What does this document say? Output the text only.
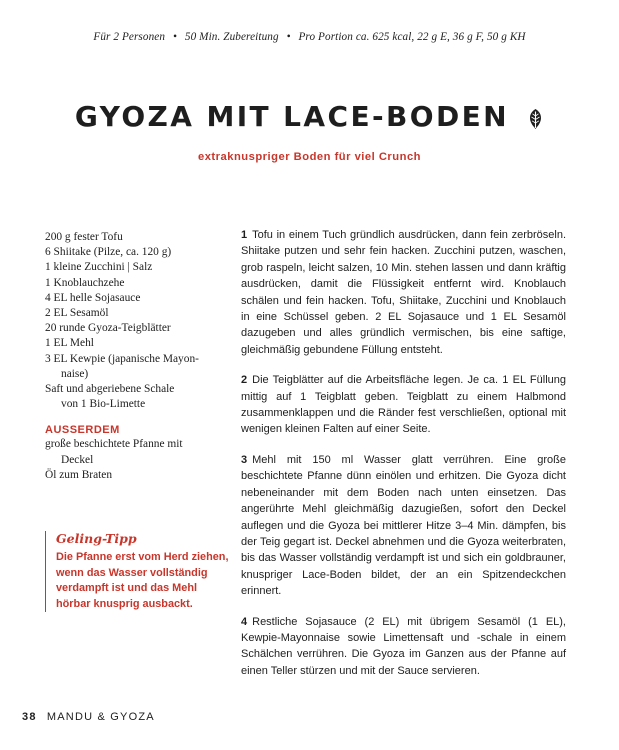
Für 2 Personen • 50 Min. Zubereitung • Pro Portion ca. 625 kcal, 22 g E, 36 g F, 50 g KH
GYOZA MIT LACE-BODEN
extraknuspriger Boden für viel Crunch
200 g fester Tofu
6 Shiitake (Pilze, ca. 120 g)
1 kleine Zucchini | Salz
1 Knoblauchzehe
4 EL helle Sojasauce
2 EL Sesamöl
20 runde Gyoza-Teigblätter
1 EL Mehl
3 EL Kewpie (japanische Mayon-
naise)
Saft und abgeriebene Schale
von 1 Bio-Limette
AUSSERDEM
große beschichtete Pfanne mit
Deckel
Öl zum Braten
Geling-Tipp
Die Pfanne erst vom Herd ziehen, wenn das Wasser vollständig verdampft ist und das Mehl hörbar knusprig ausbackt.

1 Tofu in einem Tuch gründlich ausdrücken, dann fein zerbröseln. Shiitake putzen und sehr fein hacken. Zucchini putzen, waschen, grob raspeln, leicht salzen, 10 Min. stehen lassen und dann kräftig ausdrücken, damit die Flüssigkeit entfernt wird. Knoblauch schälen und fein hacken. Tofu, Shiitake, Zucchini und Knoblauch in eine Schüssel geben. 2 EL Sojasauce und 1 EL Sesamöl dazugeben und alles gründlich vermischen, bis eine saftige, gleichmäßig gebundene Füllung entsteht.

2 Die Teigblätter auf die Arbeitsfläche legen. Je ca. 1 EL Füllung mittig auf 1 Teigblatt geben. Teigblatt zu einem Halbmond zusammenklappen und die Ränder fest verschließen, optional mit wenigen kleinen Falten auf einer Seite.

3 Mehl mit 150 ml Wasser glatt verrühren. Eine große beschichtete Pfanne dünn einölen und erhitzen. Die Gyoza dicht nebeneinander mit dem Boden nach unten einsetzen. Das angerührte Mehl gleichmäßig dazugießen, sofort den Deckel auflegen und die Gyoza bei mittlerer Hitze 3–4 Min. dämpfen, bis der Teig gegart ist. Deckel abnehmen und die Gyoza weiterbraten, bis das Wasser vollständig verdampft ist und sich ein goldbrauner, knuspriger Lace-Boden bildet, der an ein Spitzendeckchen erinnert.

4 Restliche Sojasauce (2 EL) mit übrigem Sesamöl (1 EL), Kewpie-Mayonnaise sowie Limettensaft und -schale in einem Schälchen verrühren. Die Gyoza im Ganzen aus der Pfanne auf einen Teller stürzen und mit der Sauce servieren.

38 MANDU & GYOZA
